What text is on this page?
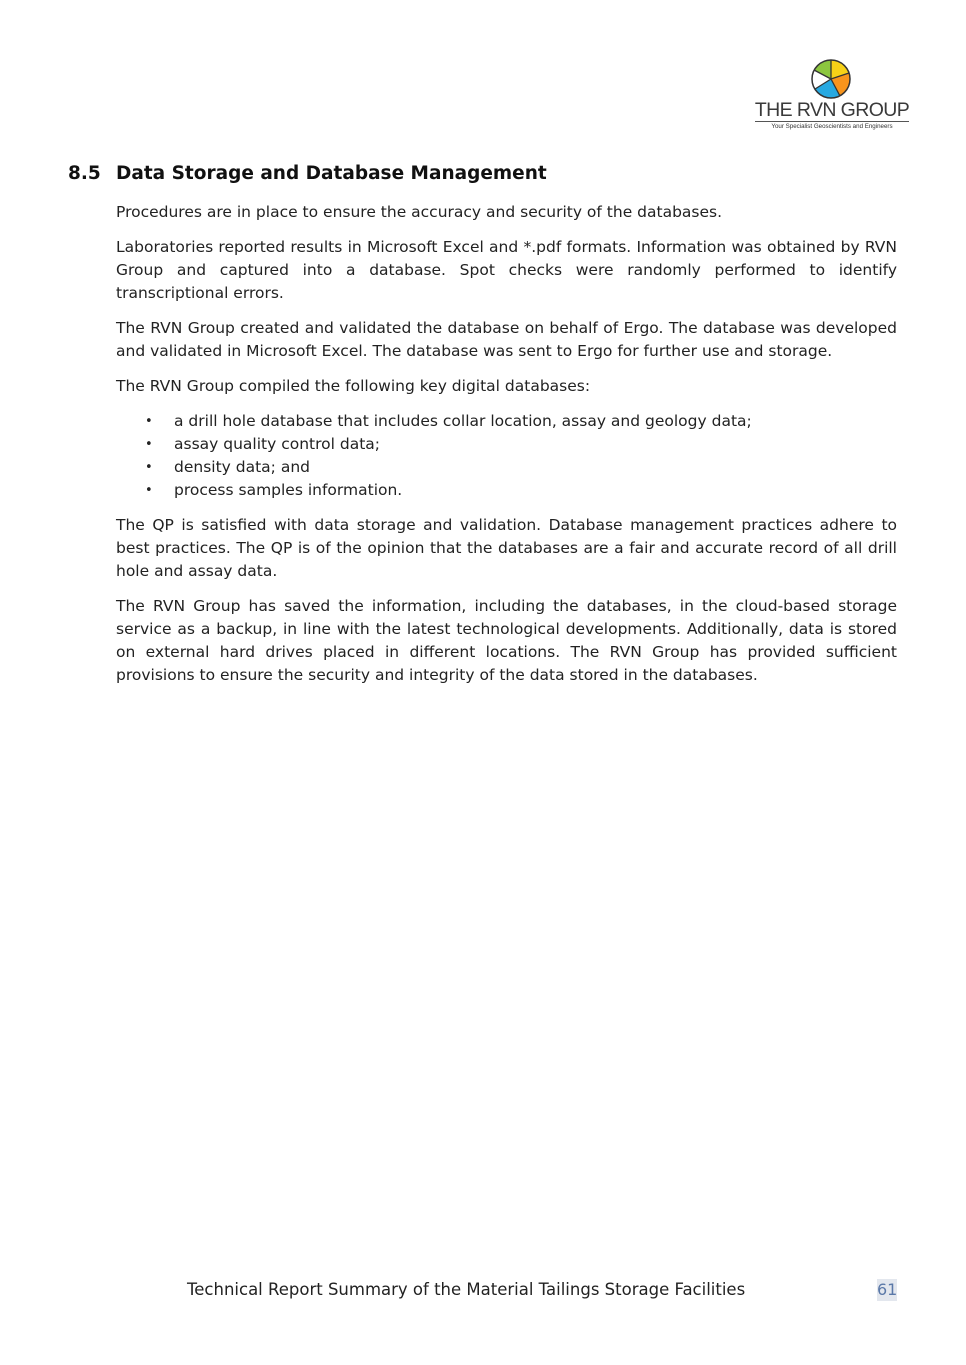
THE RVN GROUP
Your Specialist Geoscientists and Engineers
8.5 Data Storage and Database Management

Procedures are in place to ensure the accuracy and security of the databases.

Laboratories reported results in Microsoft Excel and *.pdf formats. Information was obtained by RVN Group and captured into a database. Spot checks were randomly performed to identify transcriptional errors.

The RVN Group created and validated the database on behalf of Ergo. The database was developed and validated in Microsoft Excel. The database was sent to Ergo for further use and storage.

The RVN Group compiled the following key digital databases:

• a drill hole database that includes collar location, assay and geology data;
• assay quality control data;
• density data; and
• process samples information.

The QP is satisfied with data storage and validation. Database management practices adhere to best practices. The QP is of the opinion that the databases are a fair and accurate record of all drill hole and assay data.

The RVN Group has saved the information, including the databases, in the cloud-based storage service as a backup, in line with the latest technological developments. Additionally, data is stored on external hard drives placed in different locations. The RVN Group has provided sufficient provisions to ensure the security and integrity of the data stored in the databases.

Technical Report Summary of the Material Tailings Storage Facilities	61
